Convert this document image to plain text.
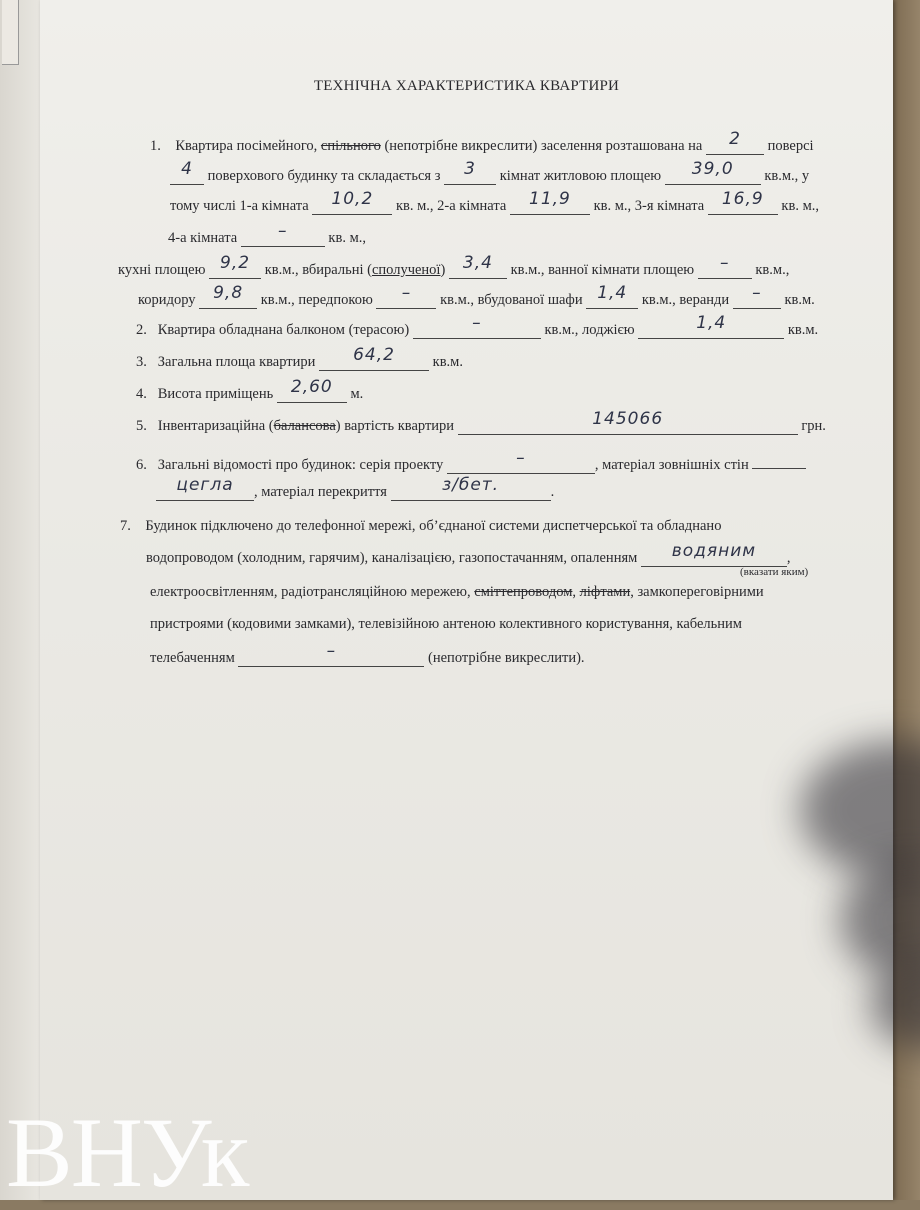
ТЕХНІЧНА ХАРАКТЕРИСТИКА КВАРТИРИ
1. Квартира посімейного, спільного (непотрібне викреслити) заселення розташована на 2 поверсі
4 поверхового будинку та складається з 3 кімнат житловою площею 39,0 кв.м., у
тому числі 1-а кімната 10,2 кв. м., 2-а кімната 11,9 кв. м., 3-я кімната 16,9 кв. м.,
4-а кімната –	кв. м.,
кухні площею 9,2 кв.м., вбиральні (сполученої) 3,4 кв.м., ванної кімнати площею – кв.м.,
коридору 9,8 кв.м., передпокою – кв.м., вбудованої шафи 1,4 кв.м., веранди – кв.м.
2. Квартира обладнана балконом (терасою)	–	кв.м., лоджією	1,4	кв.м.
3. Загальна площа квартири 64,2	кв.м.
4. Висота приміщень 2,60 м.
5. Інвентаризаційна (балансова) вартість квартири	145066	грн.
6. Загальні відомості про будинок: серія проекту	–	, матеріал зовнішніх стін
цегла , матеріал перекриття	з/бет.	.
7. Будинок підключено до телефонної мережі, об’єднаної системи диспетчерської та обладнано
водопроводом (холодним, гарячим), каналізацією, газопостачанням, опаленням водяним ,
(вказати яким)
електроосвітленням, радіотрансляційною мережею, сміттепроводом, ліфтами, замкопереговірними
пристроями (кодовими замками), телевізійною антеною колективного користування, кабельним
телебаченням	–	(непотрібне викреслити).
ВНУк
